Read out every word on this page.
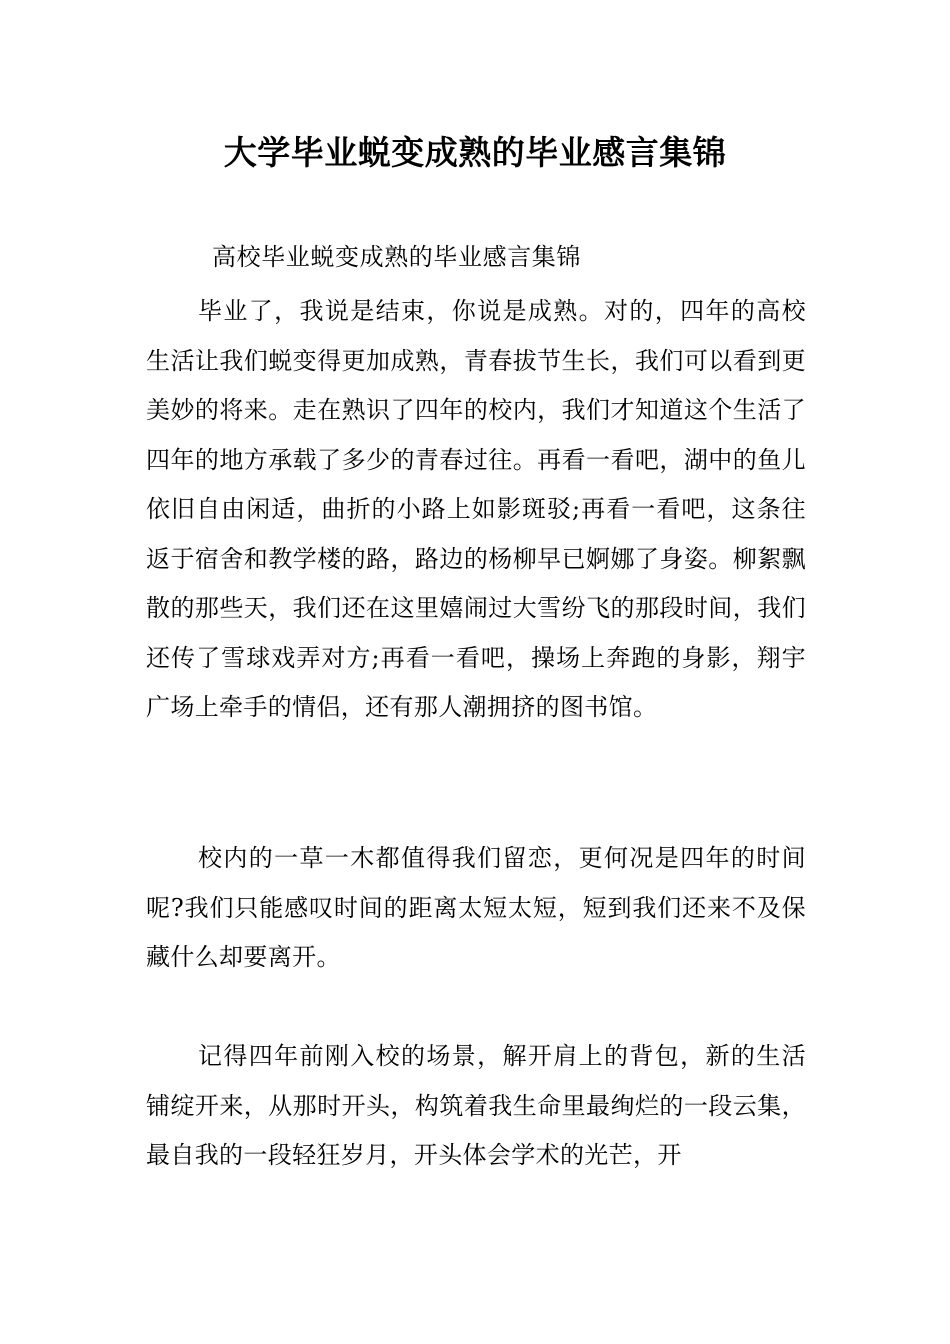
大学毕业蜕变成熟的毕业感言集锦

高校毕业蜕变成熟的毕业感言集锦

毕业了，我说是结束，你说是成熟。对的，四年的高校生活让我们蜕变得更加成熟，青春拔节生长，我们可以看到更美妙的将来。走在熟识了四年的校内，我们才知道这个生活了四年的地方承载了多少的青春过往。再看一看吧，湖中的鱼儿依旧自由闲适，曲折的小路上如影斑驳;再看一看吧，这条往返于宿舍和教学楼的路，路边的杨柳早已婀娜了身姿。柳絮飘散的那些天，我们还在这里嬉闹过大雪纷飞的那段时间，我们还传了雪球戏弄对方;再看一看吧，操场上奔跑的身影，翔宇广场上牵手的情侣，还有那人潮拥挤的图书馆。

校内的一草一木都值得我们留恋，更何况是四年的时间呢?我们只能感叹时间的距离太短太短，短到我们还来不及保藏什么却要离开。

记得四年前刚入校的场景，解开肩上的背包，新的生活铺绽开来，从那时开头，构筑着我生命里最绚烂的一段云集，最自我的一段轻狂岁月，开头体会学术的光芒，开
